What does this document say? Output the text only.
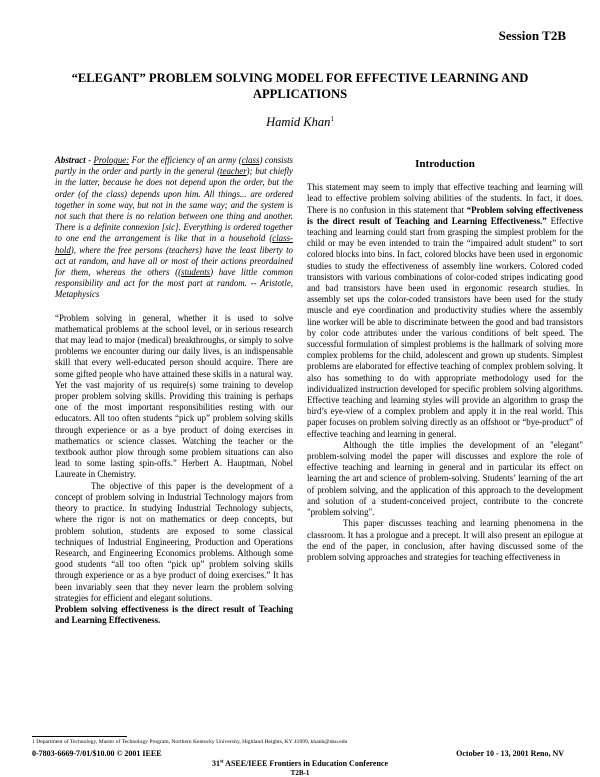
Session T2B
“ELEGANT” PROBLEM SOLVING MODEL FOR EFFECTIVE LEARNING AND APPLICATIONS
Hamid Khan$^1$

Abstract - Prologue: For the efficiency of an army (class) consists partly in the order and partly in the general (teacher); but chiefly in the latter, because he does not depend upon the order, but the order (of the class) depends upon him. All things... are ordered together in some way, but not in the same way; and the system is not such that there is no relation between one thing and another. There is a definite connexion [sic]. Everything is ordered together to one end the arrangement is like that in a household (class-hold), where the free persons (teachers) have the least liberty to act at random, and have all or most of their actions preordained for them, whereas the others ((students) have little common responsibility and act for the most part at random. -- Aristotle, Metaphysics

“Problem solving in general, whether it is used to solve mathematical problems at the school level, or in serious research that may lead to major (medical) breakthroughs, or simply to solve problems we encounter during our daily lives, is an indispensable skill that every well-educated person should acquire. There are some gifted people who have attained these skills in a natural way. Yet the vast majority of us require(s) some training to develop proper problem solving skills. Providing this training is perhaps one of the most important responsibilities resting with our educators. All too often students “pick up” problem solving skills through experience or as a bye product of doing exercises in mathematics or science classes. Watching the teacher or the textbook author plow through some problem situations can also lead to some lasting spin-offs.” Herbert A. Hauptman, Nobel Laureate in Chemistry.

The objective of this paper is the development of a concept of problem solving in Industrial Technology majors from theory to practice. In studying Industrial Technology subjects, where the rigor is not on mathematics or deep concepts, but problem solution, students are exposed to some classical techniques of Industrial Engineering, Production and Operations Research, and Engineering Economics problems. Although some good students “all too often “pick up” problem solving skills through experience or as a bye product of doing exercises.” It has been invariably seen that they never learn the problem solving strategies for efficient and elegant solutions.

Problem solving effectiveness is the direct result of Teaching and Learning Effectiveness.

Introduction

This statement may seem to imply that effective teaching and learning will lead to effective problem solving abilities of the students. In fact, it does. There is no confusion in this statement that “Problem solving effectiveness is the direct result of Teaching and Learning Effectiveness.” Effective teaching and learning could start from grasping the simplest problem for the child or may be even intended to train the “impaired adult student” to sort colored blocks into bins. In fact, colored blocks have been used in ergonomic studies to study the effectiveness of assembly line workers. Colored coded transistors with various combinations of color-coded stripes indicating good and bad transistors have been used in ergonomic research studies. In assembly set ups the color-coded transistors have been used for the study muscle and eye coordination and productivity studies where the assembly line worker will be able to discriminate between the good and bad transistors by color code attributes under the various conditions of belt speed. The successful formulation of simplest problems is the hallmark of solving more complex problems for the child, adolescent and grown up students. Simplest problems are elaborated for effective teaching of complex problem solving. It also has something to do with appropriate methodology used for the individualized instruction developed for specific problem solving algorithms. Effective teaching and learning styles will provide an algorithm to grasp the bird’s eye-view of a complex problem and apply it in the real world. This paper focuses on problem solving directly as an offshoot or “bye-product” of effective teaching and learning in general.

Although the title implies the development of an "elegant" problem-solving model the paper will discusses and explore the role of effective teaching and learning in general and in particular its effect on learning the art and science of problem-solving. Students’ learning of the art of problem solving, and the application of this approach to the development and solution of a student-conceived project, contribute to the concrete "problem solving".

This paper discusses teaching and learning phenomena in the classroom. It has a prologue and a precept. It will also present an epilogue at the end of the paper, in conclusion, after having discussed some of the problem solving approaches and strategies for teaching effectiveness in

1 Department of Technology, Master of Technology Program, Northern Kentucky University, Highland Heights, KY 41099, khanh@nku.edu
0-7803-6669-7/01/$10.00 © 2001 IEEE	October 10 - 13, 2001 Reno, NV
31st ASEE/IEEE Frontiers in Education Conference
T2B-1
